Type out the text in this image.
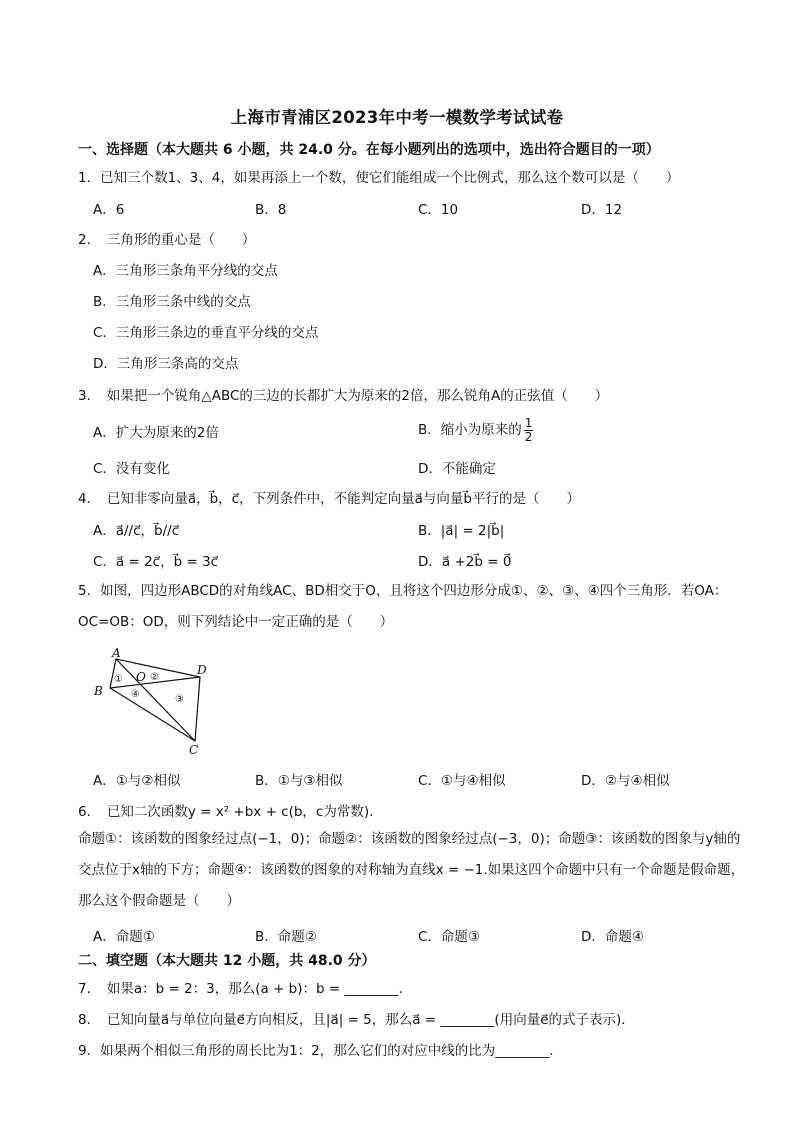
上海市青浦区2023年中考一模数学考试试卷
一、选择题（本大题共 6 小题，共 24.0 分。在每小题列出的选项中，选出符合题目的一项）
1．已知三个数1、3、4，如果再添上一个数，使它们能组成一个比例式，那么这个数可以是（　　）
A．6	B．8	C．10	D．12
2．　三角形的重心是（　　）
A．三角形三条角平分线的交点
B．三角形三条中线的交点
C．三角形三条边的垂直平分线的交点
D．三角形三条高的交点
3．　如果把一个锐角△ABC的三边的长都扩大为原来的2倍，那么锐角A的正弦值（　　）
A．扩大为原来的2倍	B．缩小为原来的 $\frac{1}{2}$
C．没有变化	D．不能确定
4．　已知非零向量a⃗，b⃗，c⃗，下列条件中，不能判定向量a⃗与向量b⃗平行的是（　　）
A．a⃗//c⃗，b⃗//c⃗	B．|a⃗| = 2|b⃗|
C．a⃗ = 2c⃗，b⃗ = 3c⃗	D．a⃗ +2b⃗ = 0⃗
5．如图，四边形ABCD的对角线AC、BD相交于O，且将这个四边形分成①、②、③、④四个三角形．若OA：OC=OB：OD，则下列结论中一定正确的是（　　）
A
B
C
D
O
①	②
③
④
A．①与②相似	B．①与③相似	C．①与④相似	D．②与④相似
6．　已知二次函数y = x² +bx + c(b，c为常数)．
命题①：该函数的图象经过点(−1，0)；命题②：该函数的图象经过点(−3，0)；命题③：该函数的图象与y轴的交点位于x轴的下方；命题④：该函数的图象的对称轴为直线x = −1.如果这四个命题中只有一个命题是假命题，那么这个假命题是（　　）
A．命题①	B．命题②	C．命题③	D．命题④
二、填空题（本大题共 12 小题，共 48.0 分）
7．　如果a：b = 2：3，那么(a + b)：b = ________．
8．　已知向量a⃗与单位向量e⃗方向相反，且|a⃗| = 5，那么a⃗ = ________(用向量e⃗的式子表示)．
9．如果两个相似三角形的周长比为1：2，那么它们的对应中线的比为________.
